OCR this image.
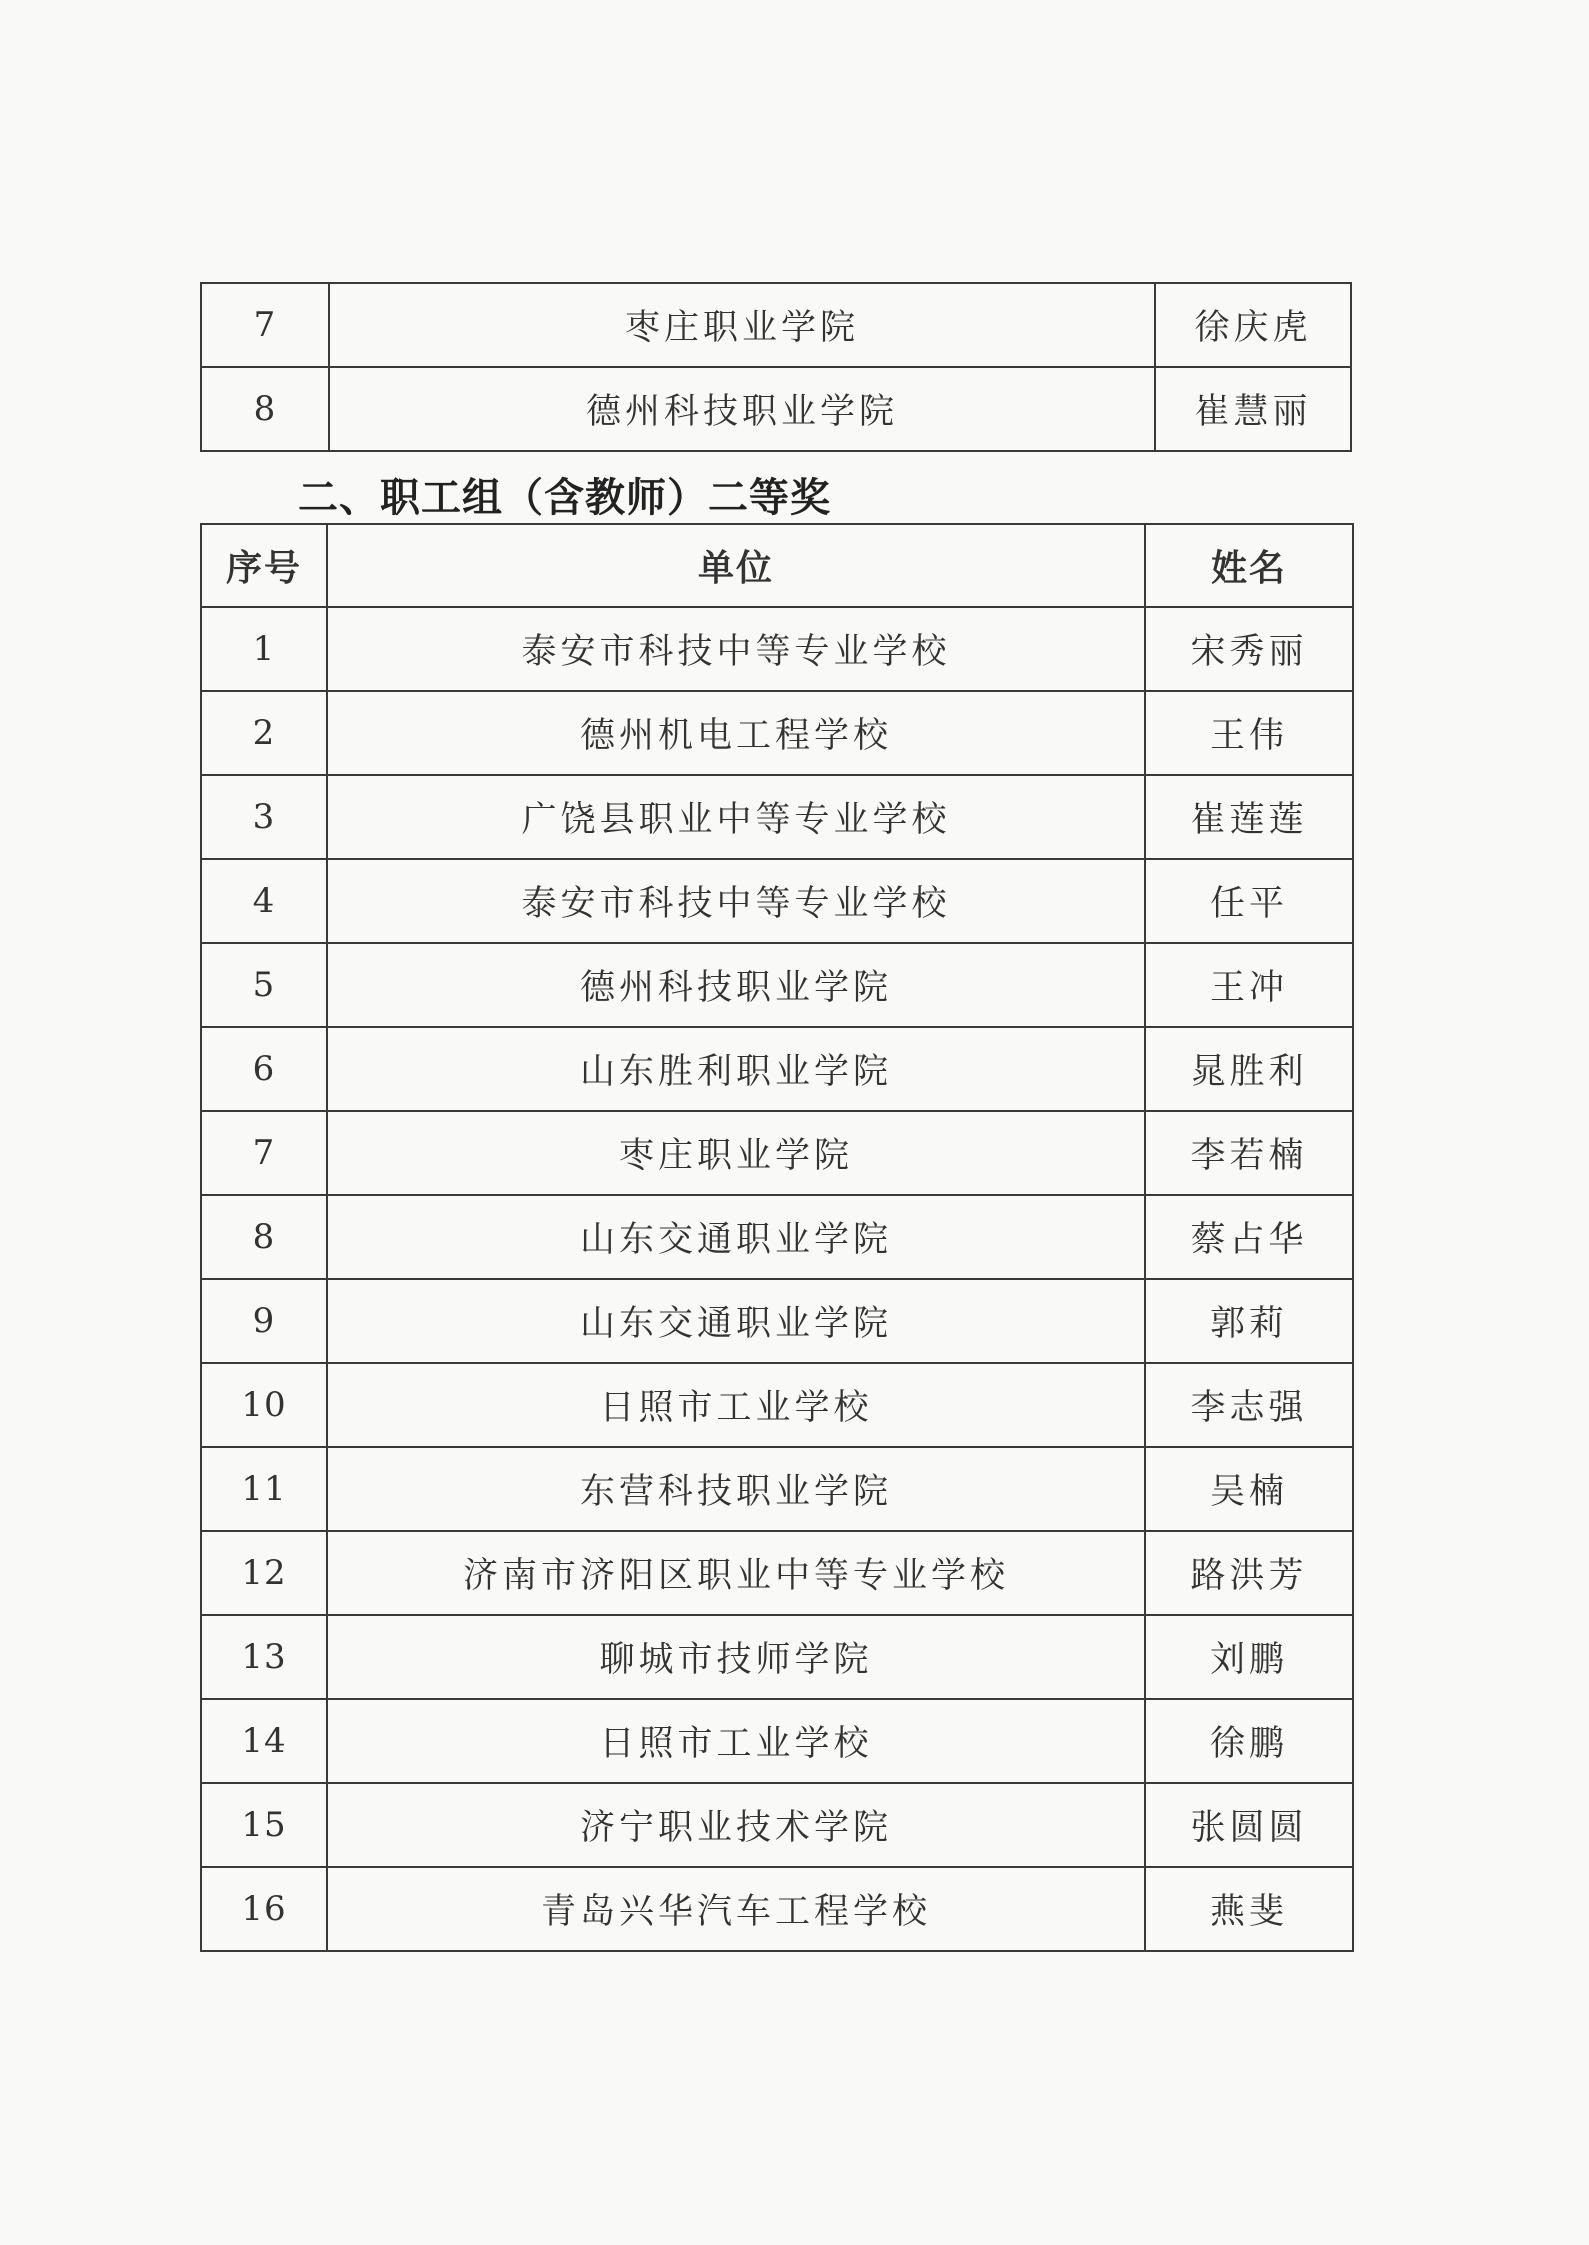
7	枣庄职业学院	徐庆虎
8	德州科技职业学院	崔慧丽
二、职工组（含教师）二等奖
序号	单位	姓名
1	泰安市科技中等专业学校	宋秀丽
2	德州机电工程学校	王伟
3	广饶县职业中等专业学校	崔莲莲
4	泰安市科技中等专业学校	任平
5	德州科技职业学院	王冲
6	山东胜利职业学院	晁胜利
7	枣庄职业学院	李若楠
8	山东交通职业学院	蔡占华
9	山东交通职业学院	郭莉
10	日照市工业学校	李志强
11	东营科技职业学院	吴楠
12	济南市济阳区职业中等专业学校	路洪芳
13	聊城市技师学院	刘鹏
14	日照市工业学校	徐鹏
15	济宁职业技术学院	张圆圆
16	青岛兴华汽车工程学校	燕斐
